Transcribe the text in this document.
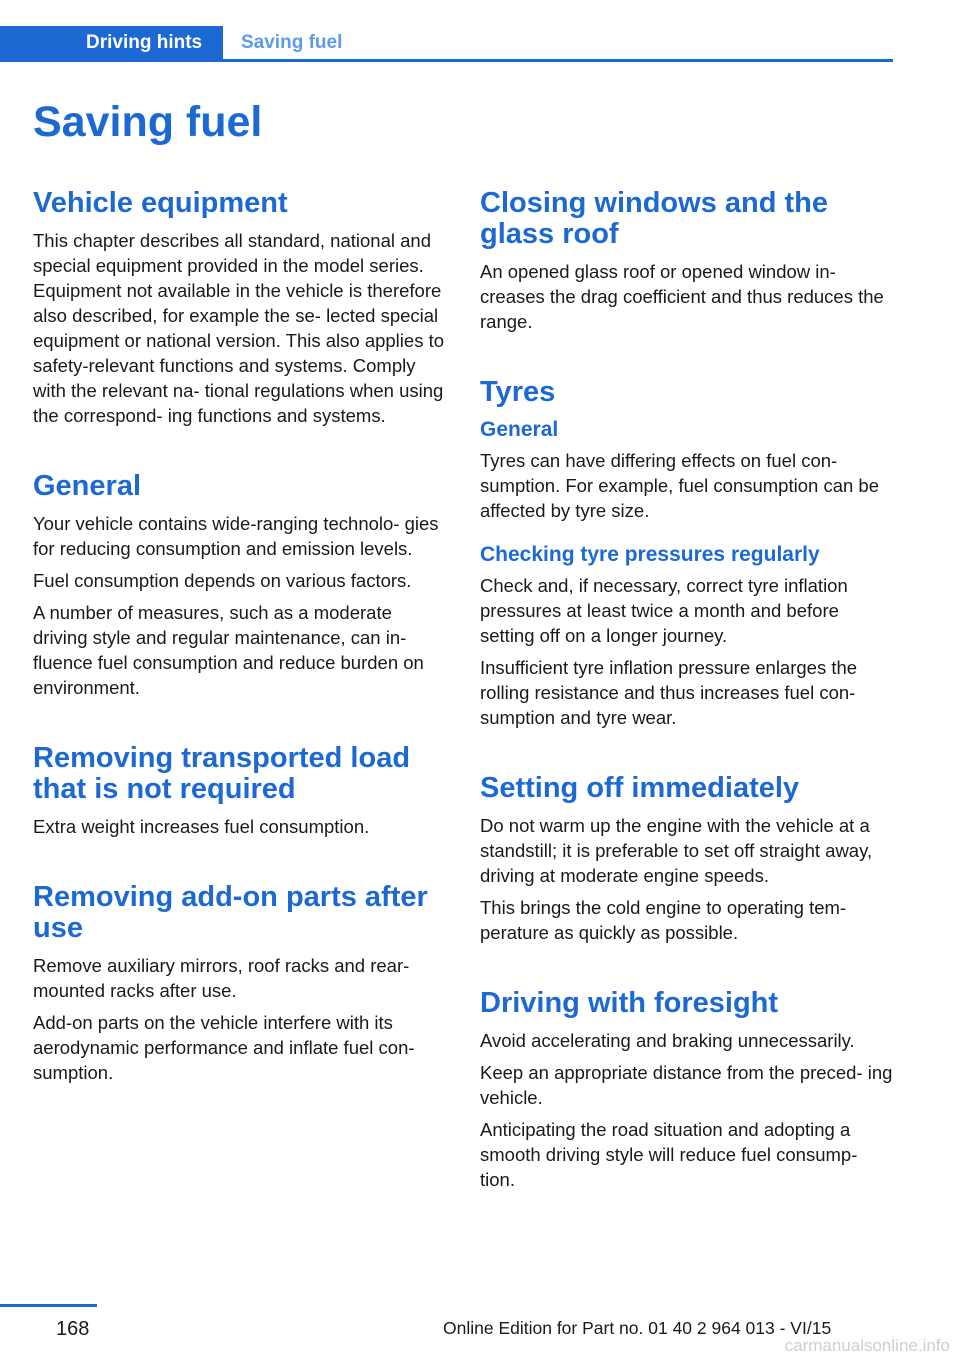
Driving hints Saving fuel
Saving fuel
Vehicle equipment

This chapter describes all standard, national and special equipment provided in the model series. Equipment not available in the vehicle is therefore also described, for example the se‐ lected special equipment or national version. This also applies to safety-relevant functions and systems. Comply with the relevant na‐ tional regulations when using the correspond‐ ing functions and systems.

General

Your vehicle contains wide-ranging technolo‐ gies for reducing consumption and emission levels.

Fuel consumption depends on various factors.

A number of measures, such as a moderate driving style and regular maintenance, can in‐ fluence fuel consumption and reduce burden on environment.

Removing transported load that is not required

Extra weight increases fuel consumption.

Removing add-on parts after use

Remove auxiliary mirrors, roof racks and rear- mounted racks after use.

Add-on parts on the vehicle interfere with its aerodynamic performance and inflate fuel con‐ sumption.

Closing windows and the glass roof

An opened glass roof or opened window in‐ creases the drag coefficient and thus reduces the range.

Tyres
General

Tyres can have differing effects on fuel con‐ sumption. For example, fuel consumption can be affected by tyre size.

Checking tyre pressures regularly

Check and, if necessary, correct tyre inflation pressures at least twice a month and before setting off on a longer journey.

Insufficient tyre inflation pressure enlarges the rolling resistance and thus increases fuel con‐ sumption and tyre wear.

Setting off immediately

Do not warm up the engine with the vehicle at a standstill; it is preferable to set off straight away, driving at moderate engine speeds.

This brings the cold engine to operating tem‐ perature as quickly as possible.

Driving with foresight

Avoid accelerating and braking unnecessarily.

Keep an appropriate distance from the preced‐ ing vehicle.

Anticipating the road situation and adopting a smooth driving style will reduce fuel consump‐ tion.

168	Online Edition for Part no. 01 40 2 964 013 - VI/15
carmanualsonline.info
